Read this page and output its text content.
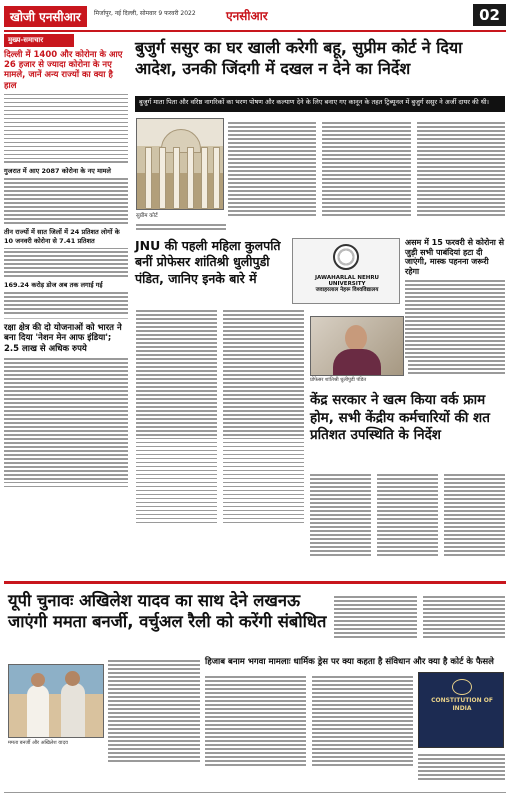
खोजी एनसीआर	मिर्जापुर, नई दिल्ली, सोमवार 9 फरवरी 2022	एनसीआर	02
मुख्य-समाचार
दिल्ली में 1400 और कोरोना के आए 26 हजार से ज्यादा कोरोना के नए मामले, जानें अन्य राज्यों का क्या है हाल
गुजरात में आए 2087 कोरोना के नए मामले
तीन राज्यों में सात जिलों में 24 प्रतिशत लोगों के 10 जनवरी कोरोना से 7.41 प्रतिशत
169.24 करोड़ डोज अब तक लगाई गई
रक्षा क्षेत्र की दो योजनाओं को भारत ने बना दिया 'नेशन मेन आफ इंडिया'; 2.5 लाख से अधिक रुपये
बुजुर्ग ससुर का घर खाली करेगी बहू, सुप्रीम कोर्ट ने दिया आदेश, उनकी जिंदगी में दखल न देने का निर्देश
बुजुर्ग माता पिता और वरिष्ठ नागरिकों का भरण पोषण और कल्याण देने के लिए बनाए गए कानून के तहत ट्रिब्यूनल में बुजुर्ग ससुर ने अर्जी दायर की थी।
सुप्रीम कोर्ट
JNU की पहली महिला कुलपति बनीं प्रोफेसर शांतिश्री धुलीपुडी पंडित, जानिए इनके बारे में	JAWAHARLAL NEHRU UNIVERSITY
जवाहरलाल नेहरू विश्वविद्यालय
असम में 15 फरवरी से कोरोना से जुड़ी सभी पाबंदियां हटा दी जाएंगी, मास्क पहनना जरूरी रहेगा
प्रोफेसर शांतिश्री धुलीपुडी पंडित
केंद्र सरकार ने खत्म किया वर्क फ्राम होम, सभी केंद्रीय कर्मचारियों की शत प्रतिशत उपस्थिति के निर्देश
यूपी चुनावः अखिलेश यादव का साथ देने लखनऊ जाएंगी ममता बनर्जी, वर्चुअल रैली को करेंगी संबोधित
ममता बनर्जी और अखिलेश यादव
हिजाब बनाम भगवा मामलाः धार्मिक ड्रेस पर क्या कहता है संविधान और क्या है कोर्ट के फैसले
CONSTITUTION OF INDIA
